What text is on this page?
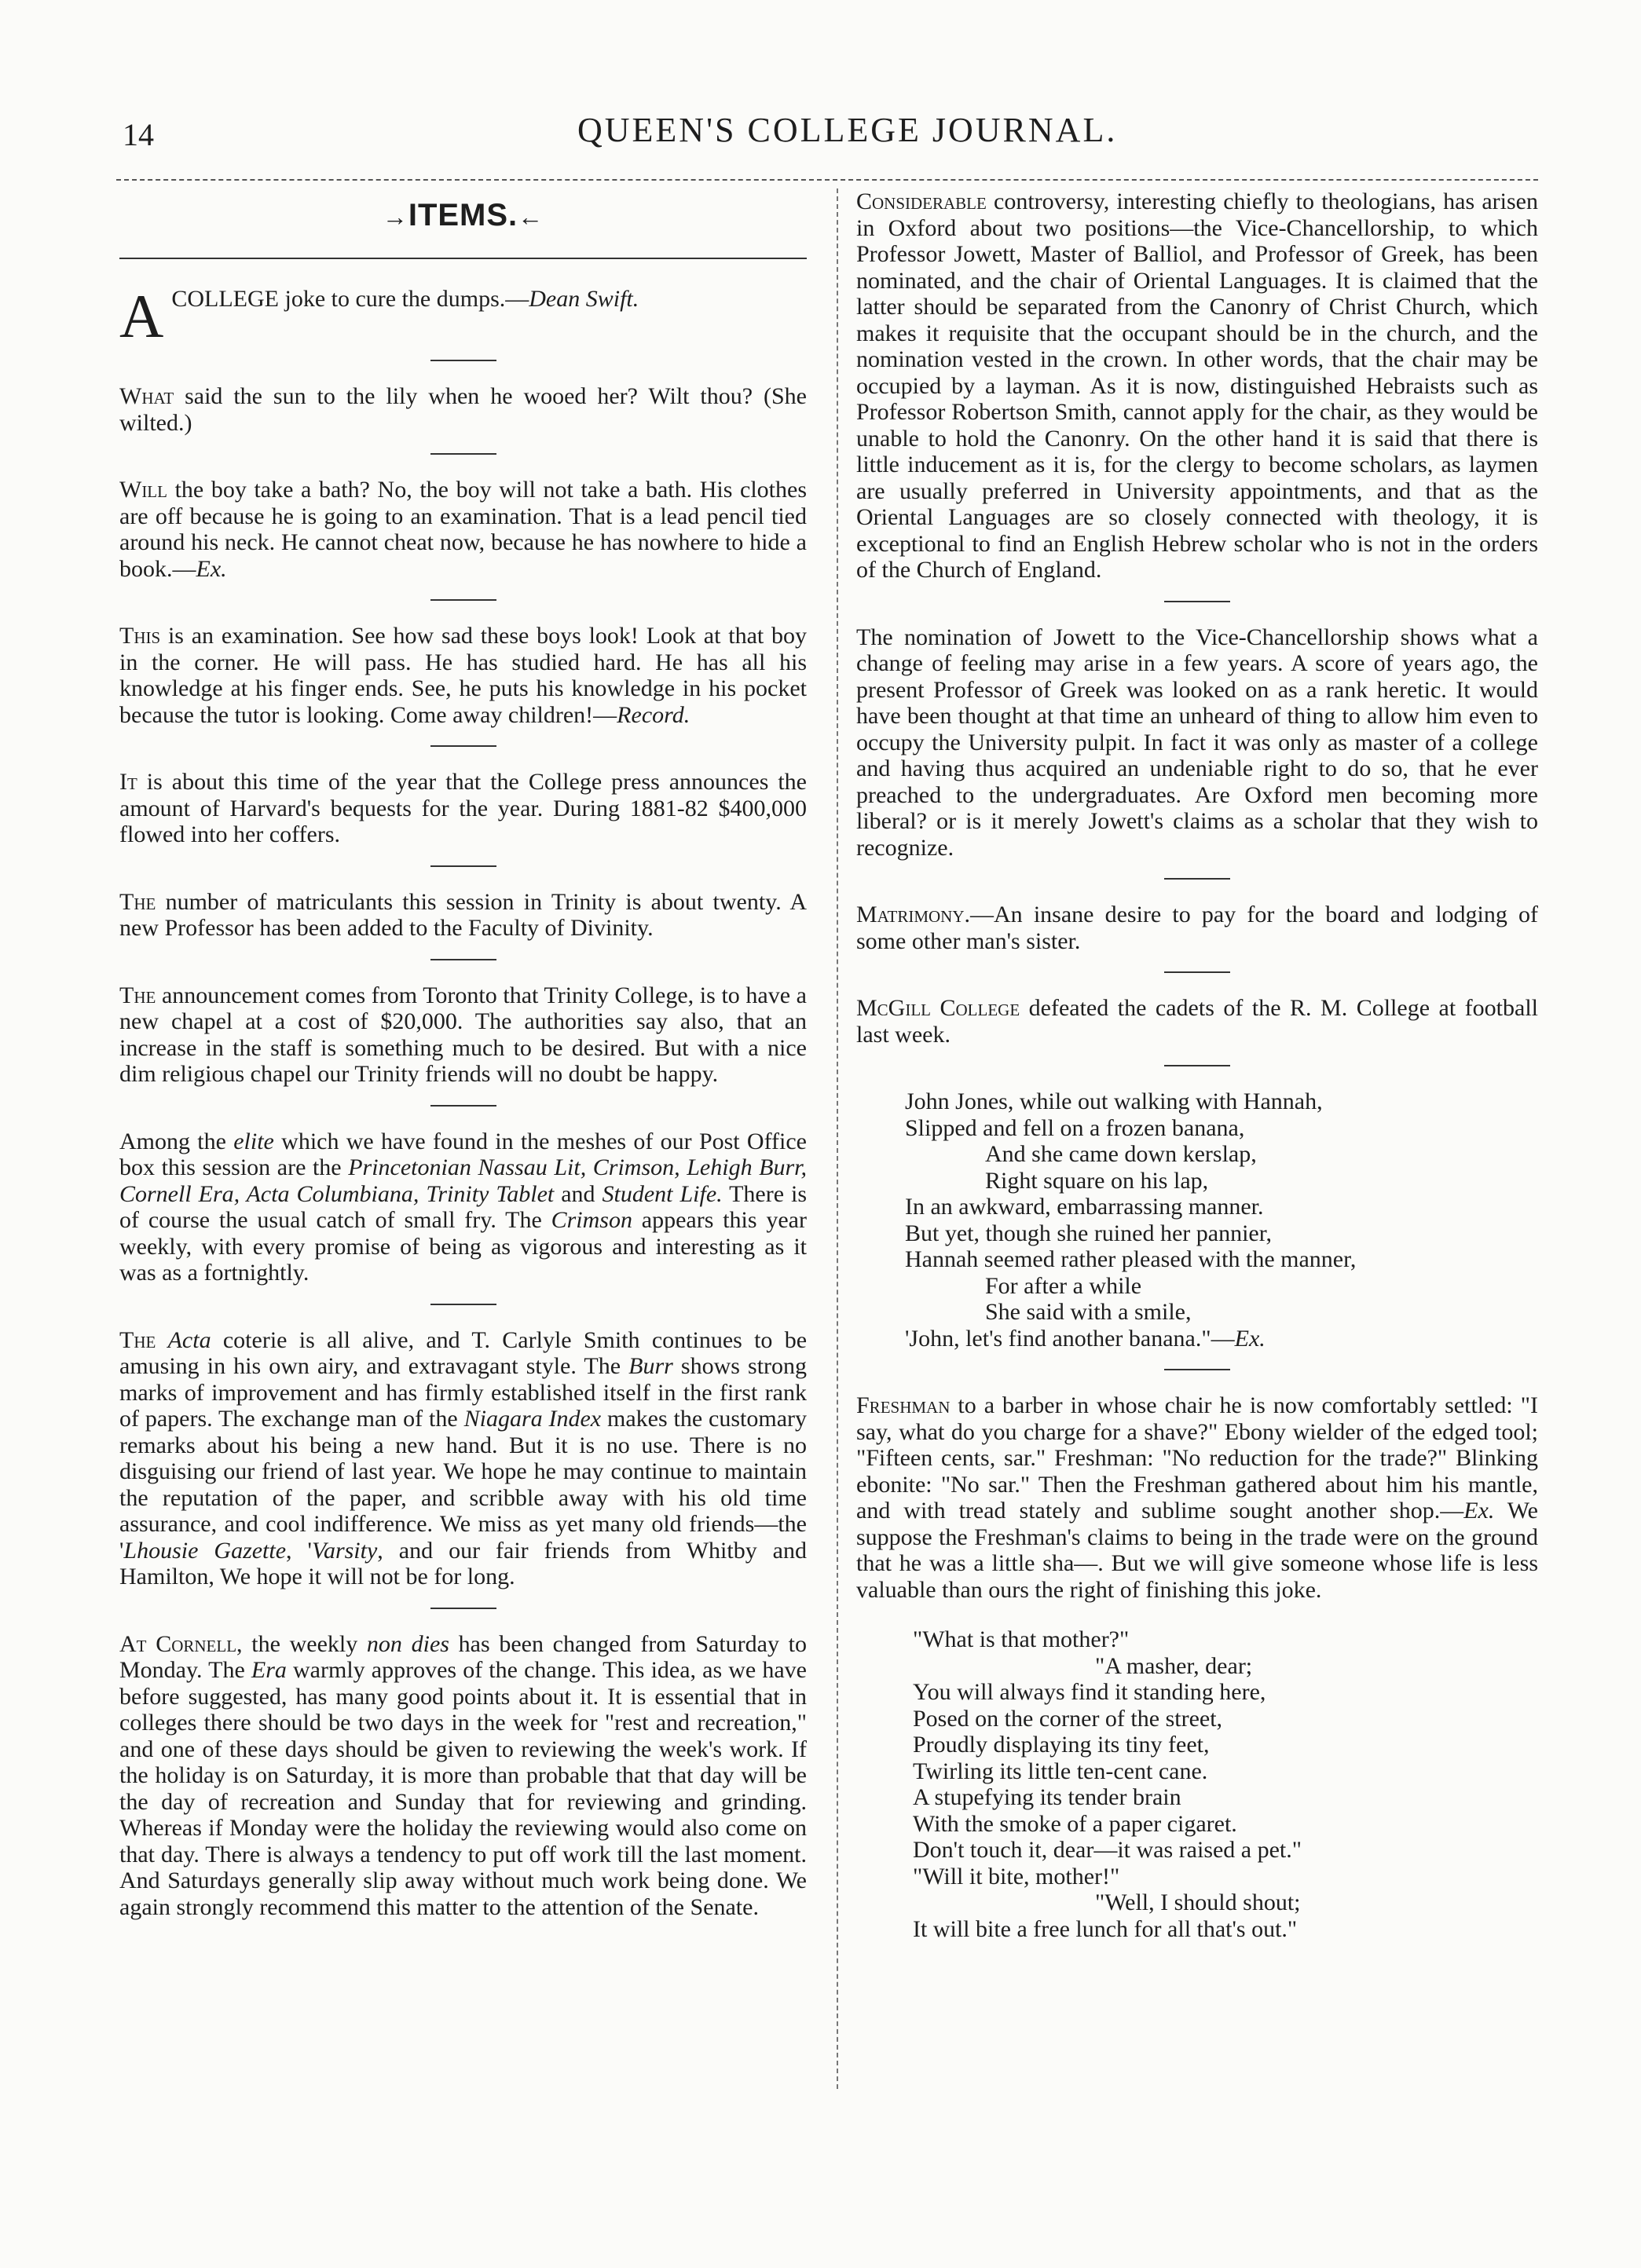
14	QUEEN'S COLLEGE JOURNAL.
→ITEMS.←

A COLLEGE joke to cure the dumps.—Dean Swift.

What said the sun to the lily when he wooed her? Wilt thou? (She wilted.)

Will the boy take a bath? No, the boy will not take a bath. His clothes are off because he is going to an examination. That is a lead pencil tied around his neck. He cannot cheat now, because he has nowhere to hide a book.—Ex.

This is an examination. See how sad these boys look! Look at that boy in the corner. He will pass. He has studied hard. He has all his knowledge at his finger ends. See, he puts his knowledge in his pocket because the tutor is looking. Come away children!—Record.

It is about this time of the year that the College press announces the amount of Harvard's bequests for the year. During 1881-82 $400,000 flowed into her coffers.

The number of matriculants this session in Trinity is about twenty. A new Professor has been added to the Faculty of Divinity.

The announcement comes from Toronto that Trinity College, is to have a new chapel at a cost of $20,000. The authorities say also, that an increase in the staff is something much to be desired. But with a nice dim religious chapel our Trinity friends will no doubt be happy.

Among the elite which we have found in the meshes of our Post Office box this session are the Princetonian Nassau Lit, Crimson, Lehigh Burr, Cornell Era, Acta Columbiana, Trinity Tablet and Student Life. There is of course the usual catch of small fry. The Crimson appears this year weekly, with every promise of being as vigorous and interesting as it was as a fortnightly.

The Acta coterie is all alive, and T. Carlyle Smith continues to be amusing in his own airy, and extravagant style. The Burr shows strong marks of improvement and has firmly established itself in the first rank of papers. The exchange man of the Niagara Index makes the customary remarks about his being a new hand. But it is no use. There is no disguising our friend of last year. We hope he may continue to maintain the reputation of the paper, and scribble away with his old time assurance, and cool indifference. We miss as yet many old friends—the 'Lhousie Gazette, 'Varsity, and our fair friends from Whitby and Hamilton, We hope it will not be for long.

At Cornell, the weekly non dies has been changed from Saturday to Monday. The Era warmly approves of the change. This idea, as we have before suggested, has many good points about it. It is essential that in colleges there should be two days in the week for "rest and recreation," and one of these days should be given to reviewing the week's work. If the holiday is on Saturday, it is more than probable that that day will be the day of recreation and Sunday that for reviewing and grinding. Whereas if Monday were the holiday the reviewing would also come on that day. There is always a tendency to put off work till the last moment. And Saturdays generally slip away without much work being done. We again strongly recommend this matter to the attention of the Senate.

Considerable controversy, interesting chiefly to theologians, has arisen in Oxford about two positions—the Vice-Chancellorship, to which Professor Jowett, Master of Balliol, and Professor of Greek, has been nominated, and the chair of Oriental Languages. It is claimed that the latter should be separated from the Canonry of Christ Church, which makes it requisite that the occupant should be in the church, and the nomination vested in the crown. In other words, that the chair may be occupied by a layman. As it is now, distinguished Hebraists such as Professor Robertson Smith, cannot apply for the chair, as they would be unable to hold the Canonry. On the other hand it is said that there is little inducement as it is, for the clergy to become scholars, as laymen are usually preferred in University appointments, and that as the Oriental Languages are so closely connected with theology, it is exceptional to find an English Hebrew scholar who is not in the orders of the Church of England.

The nomination of Jowett to the Vice-Chancellorship shows what a change of feeling may arise in a few years. A score of years ago, the present Professor of Greek was looked on as a rank heretic. It would have been thought at that time an unheard of thing to allow him even to occupy the University pulpit. In fact it was only as master of a college and having thus acquired an undeniable right to do so, that he ever preached to the undergraduates. Are Oxford men becoming more liberal? or is it merely Jowett's claims as a scholar that they wish to recognize.

Matrimony.—An insane desire to pay for the board and lodging of some other man's sister.

McGill College defeated the cadets of the R. M. College at football last week.

John Jones, while out walking with Hannah,
Slipped and fell on a frozen banana,
And she came down kerslap,
Right square on his lap,
In an awkward, embarrassing manner.
But yet, though she ruined her pannier,
Hannah seemed rather pleased with the manner,
For after a while
She said with a smile,
'John, let's find another banana."—Ex.

Freshman to a barber in whose chair he is now comfortably settled: "I say, what do you charge for a shave?" Ebony wielder of the edged tool; "Fifteen cents, sar." Freshman: "No reduction for the trade?" Blinking ebonite: "No sar." Then the Freshman gathered about him his mantle, and with tread stately and sublime sought another shop.—Ex. We suppose the Freshman's claims to being in the trade were on the ground that he was a little sha—. But we will give someone whose life is less valuable than ours the right of finishing this joke.

"What is that mother?"
"A masher, dear;
You will always find it standing here,
Posed on the corner of the street,
Proudly displaying its tiny feet,
Twirling its little ten-cent cane.
A stupefying its tender brain
With the smoke of a paper cigaret.
Don't touch it, dear—it was raised a pet."
"Will it bite, mother!"
"Well, I should shout;
It will bite a free lunch for all that's out."
